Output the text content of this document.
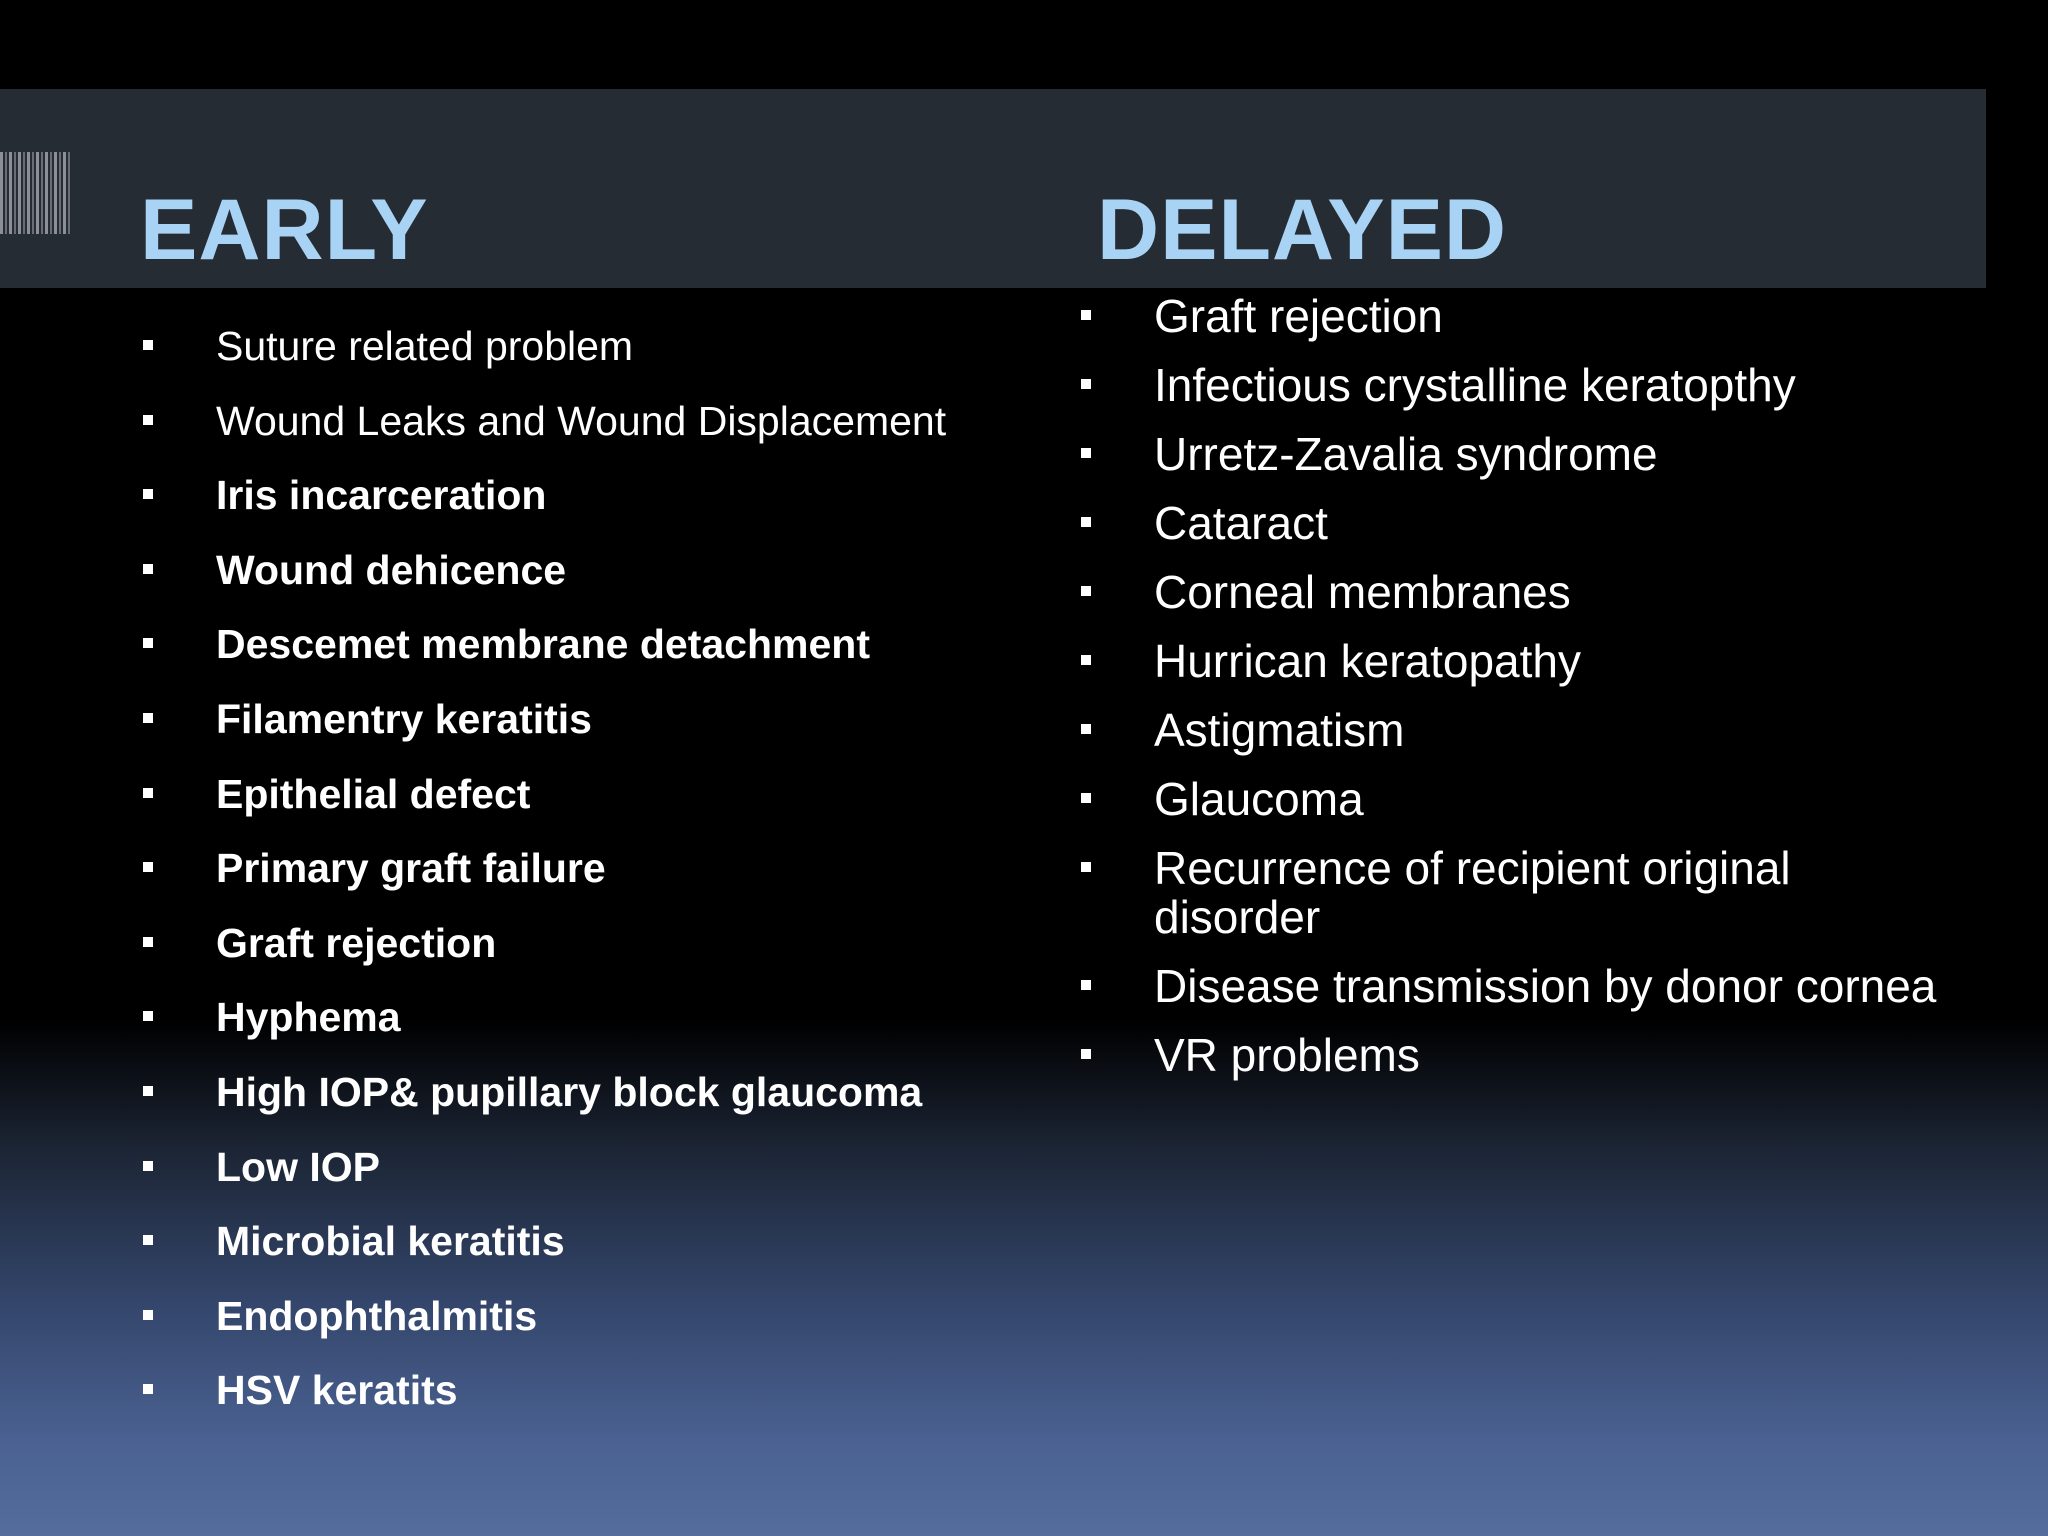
EARLY	DELAYED
Suture related problem
Wound Leaks and Wound Displacement
Iris incarceration
Wound dehicence
Descemet membrane detachment
Filamentry keratitis
Epithelial defect
Primary graft failure
Graft rejection
Hyphema
High IOP& pupillary block glaucoma
Low IOP
Microbial keratitis
Endophthalmitis
HSV keratits
Graft rejection
Infectious crystalline keratopthy
Urretz-Zavalia syndrome
Cataract
Corneal membranes
Hurrican keratopathy
Astigmatism
Glaucoma
Recurrence of recipient original disorder
Disease transmission by donor cornea
VR problems
